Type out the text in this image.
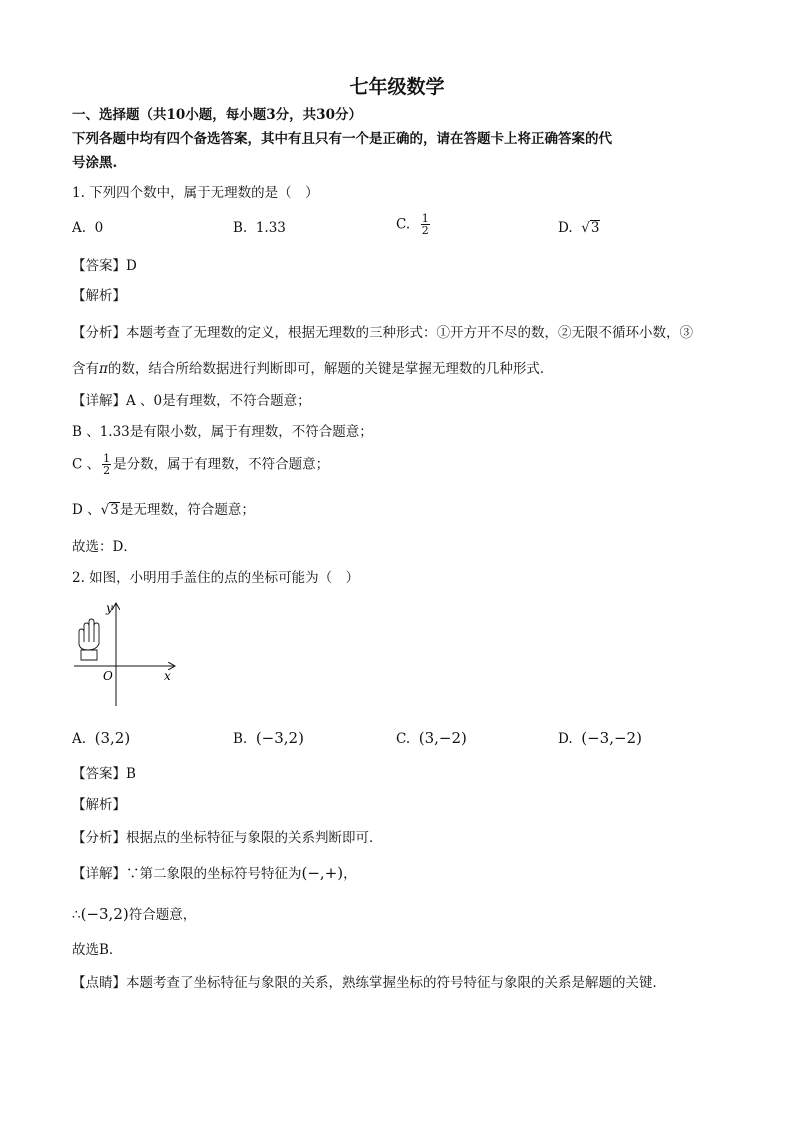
七年级数学
一、选择题（共10小题，每小题3分，共30分）
下列各题中均有四个备选答案，其中有且只有一个是正确的，请在答题卡上将正确答案的代
号涂黑.
1. 下列四个数中，属于无理数的是（　）
A. 0	B. 1.33	C. $\frac{1}{2}$	D. √3
【答案】D
【解析】
【分析】本题考查了无理数的定义，根据无理数的三种形式：①开方开不尽的数，②无限不循环小数，③
含有π的数，结合所给数据进行判断即可，解题的关键是掌握无理数的几种形式．
【详解】A 、0是有理数，不符合题意；
B 、1.33是有限小数，属于有理数，不符合题意；
C 、 $\frac{1}{2}$ 是分数，属于有理数，不符合题意；
D 、√3是无理数，符合题意；
故选：D．
2. 如图，小明用手盖住的点的坐标可能为（　）
y
x
O
A. (3,2)	B. (−3,2)	C. (3,−2)	D. (−3,−2)
【答案】B
【解析】
【分析】根据点的坐标特征与象限的关系判断即可．
【详解】∵第二象限的坐标符号特征为(−,+)，
∴(−3,2)符合题意，
故选B．
【点睛】本题考查了坐标特征与象限的关系，熟练掌握坐标的符号特征与象限的关系是解题的关键．
